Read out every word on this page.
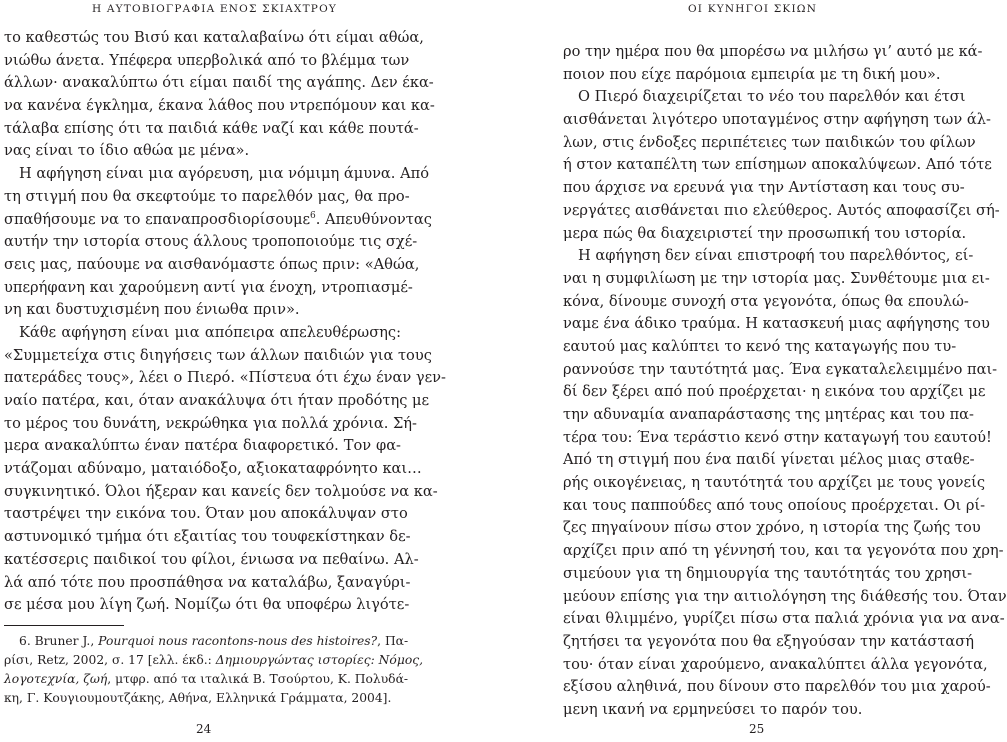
Η ΑΥΤΟΒΙΟΓΡΑΦΙΑ ΕΝΟΣ ΣΚΙΑΧΤΡΟΥ
το καθεστώς του Βισύ και καταλαβαίνω ότι είμαι αθώα,
νιώθω άνετα. Υπέφερα υπερβολικά από το βλέμμα των
άλλων· ανακαλύπτω ότι είμαι παιδί της αγάπης. Δεν έκα-
να κανένα έγκλημα, έκανα λάθος που ντρεπόμουν και κα-
τάλαβα επίσης ότι τα παιδιά κάθε ναζί και κάθε πουτά-
νας είναι το ίδιο αθώα με μένα».
Η αφήγηση είναι μια αγόρευση, μια νόμιμη άμυνα. Από
τη στιγμή που θα σκεφτούμε το παρελθόν μας, θα προ-
σπαθήσουμε να το επαναπροσδιορίσουμε$^6$. Απευθύνοντας
αυτήν την ιστορία στους άλλους τροποποιούμε τις σχέ-
σεις μας, παύουμε να αισθανόμαστε όπως πριν: «Αθώα,
υπερήφανη και χαρούμενη αντί για ένοχη, ντροπιασμέ-
νη και δυστυχισμένη που ένιωθα πριν».
Κάθε αφήγηση είναι μια απόπειρα απελευθέρωσης:
«Συμμετείχα στις διηγήσεις των άλλων παιδιών για τους
πατεράδες τους», λέει ο Πιερό. «Πίστευα ότι έχω έναν γεν-
ναίο πατέρα, και, όταν ανακάλυψα ότι ήταν προδότης με
το μέρος του δυνάτη, νεκρώθηκα για πολλά χρόνια. Σή-
μερα ανακαλύπτω έναν πατέρα διαφορετικό. Τον φα-
ντάζομαι αδύναμο, ματαιόδοξο, αξιοκαταφρόνητο και…
συγκινητικό. Όλοι ήξεραν και κανείς δεν τολμούσε να κα-
ταστρέψει την εικόνα του. Όταν μου αποκάλυψαν στο
αστυνομικό τμήμα ότι εξαιτίας του τουφεκίστηκαν δε-
κατέσσερις παιδικοί του φίλοι, ένιωσα να πεθαίνω. Αλ-
λά από τότε που προσπάθησα να καταλάβω, ξαναγύρι-
σε μέσα μου λίγη ζωή. Νομίζω ότι θα υποφέρω λιγότε-
6. Bruner J., Pourquoi nous racontons-nous des histoires?, Πα-
ρίσι, Retz, 2002, σ. 17 [ελλ. έκδ.: Δημιουργώντας ιστορίες: Νόμος,
λογοτεχνία, ζωή, μτφρ. από τα ιταλικά Β. Τσούρτου, Κ. Πολυδά-
κη, Γ. Κουγιουμουτζάκης, Αθήνα, Ελληνικά Γράμματα, 2004].
24
ΟΙ ΚΥΝΗΓΟΙ ΣΚΙΩΝ
ρο την ημέρα που θα μπορέσω να μιλήσω γι’ αυτό με κά-
ποιον που είχε παρόμοια εμπειρία με τη δική μου».
Ο Πιερό διαχειρίζεται το νέο του παρελθόν και έτσι
αισθάνεται λιγότερο υποταγμένος στην αφήγηση των άλ-
λων, στις ένδοξες περιπέτειες των παιδικών του φίλων
ή στον καταπέλτη των επίσημων αποκαλύψεων. Από τότε
που άρχισε να ερευνά για την Αντίσταση και τους συ-
νεργάτες αισθάνεται πιο ελεύθερος. Αυτός αποφασίζει σή-
μερα πώς θα διαχειριστεί την προσωπική του ιστορία.
Η αφήγηση δεν είναι επιστροφή του παρελθόντος, εί-
ναι η συμφιλίωση με την ιστορία μας. Συνθέτουμε μια ει-
κόνα, δίνουμε συνοχή στα γεγονότα, όπως θα επουλώ-
ναμε ένα άδικο τραύμα. Η κατασκευή μιας αφήγησης του
εαυτού μας καλύπτει το κενό της καταγωγής που τυ-
ραννούσε την ταυτότητά μας. Ένα εγκαταλελειμμένο παι-
δί δεν ξέρει από πού προέρχεται· η εικόνα του αρχίζει με
την αδυναμία αναπαράστασης της μητέρας και του πα-
τέρα του: Ένα τεράστιο κενό στην καταγωγή του εαυτού!
Από τη στιγμή που ένα παιδί γίνεται μέλος μιας σταθε-
ρής οικογένειας, η ταυτότητά του αρχίζει με τους γονείς
και τους παππούδες από τους οποίους προέρχεται. Οι ρί-
ζες πηγαίνουν πίσω στον χρόνο, η ιστορία της ζωής του
αρχίζει πριν από τη γέννησή του, και τα γεγονότα που χρη-
σιμεύουν για τη δημιουργία της ταυτότητάς του χρησι-
μεύουν επίσης για την αιτιολόγηση της διάθεσής του. Όταν
είναι θλιμμένο, γυρίζει πίσω στα παλιά χρόνια για να ανα-
ζητήσει τα γεγονότα που θα εξηγούσαν την κατάστασή
του· όταν είναι χαρούμενο, ανακαλύπτει άλλα γεγονότα,
εξίσου αληθινά, που δίνουν στο παρελθόν του μια χαρού-
μενη ικανή να ερμηνεύσει το παρόν του.
25
